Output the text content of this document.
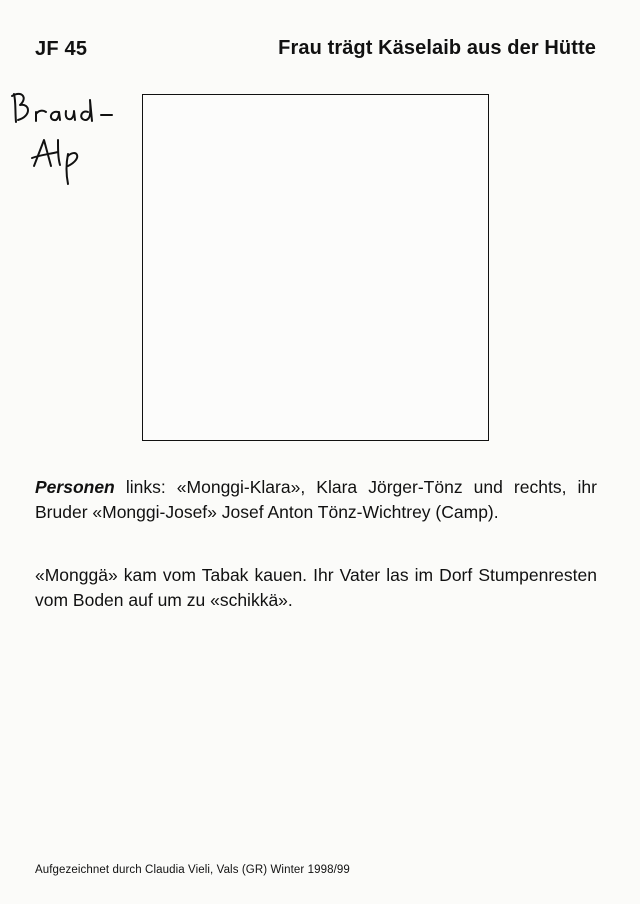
JF 45	Frau trägt Käselaib aus der Hütte
Personen links: «Monggi-Klara», Klara Jörger-Tönz und rechts, ihr Bruder «Monggi-Josef» Josef Anton Tönz-Wichtrey (Camp).
«Monggä» kam vom Tabak kauen. Ihr Vater las im Dorf Stumpenresten vom Boden auf um zu «schikkä».
Aufgezeichnet durch Claudia Vieli, Vals (GR) Winter 1998/99
